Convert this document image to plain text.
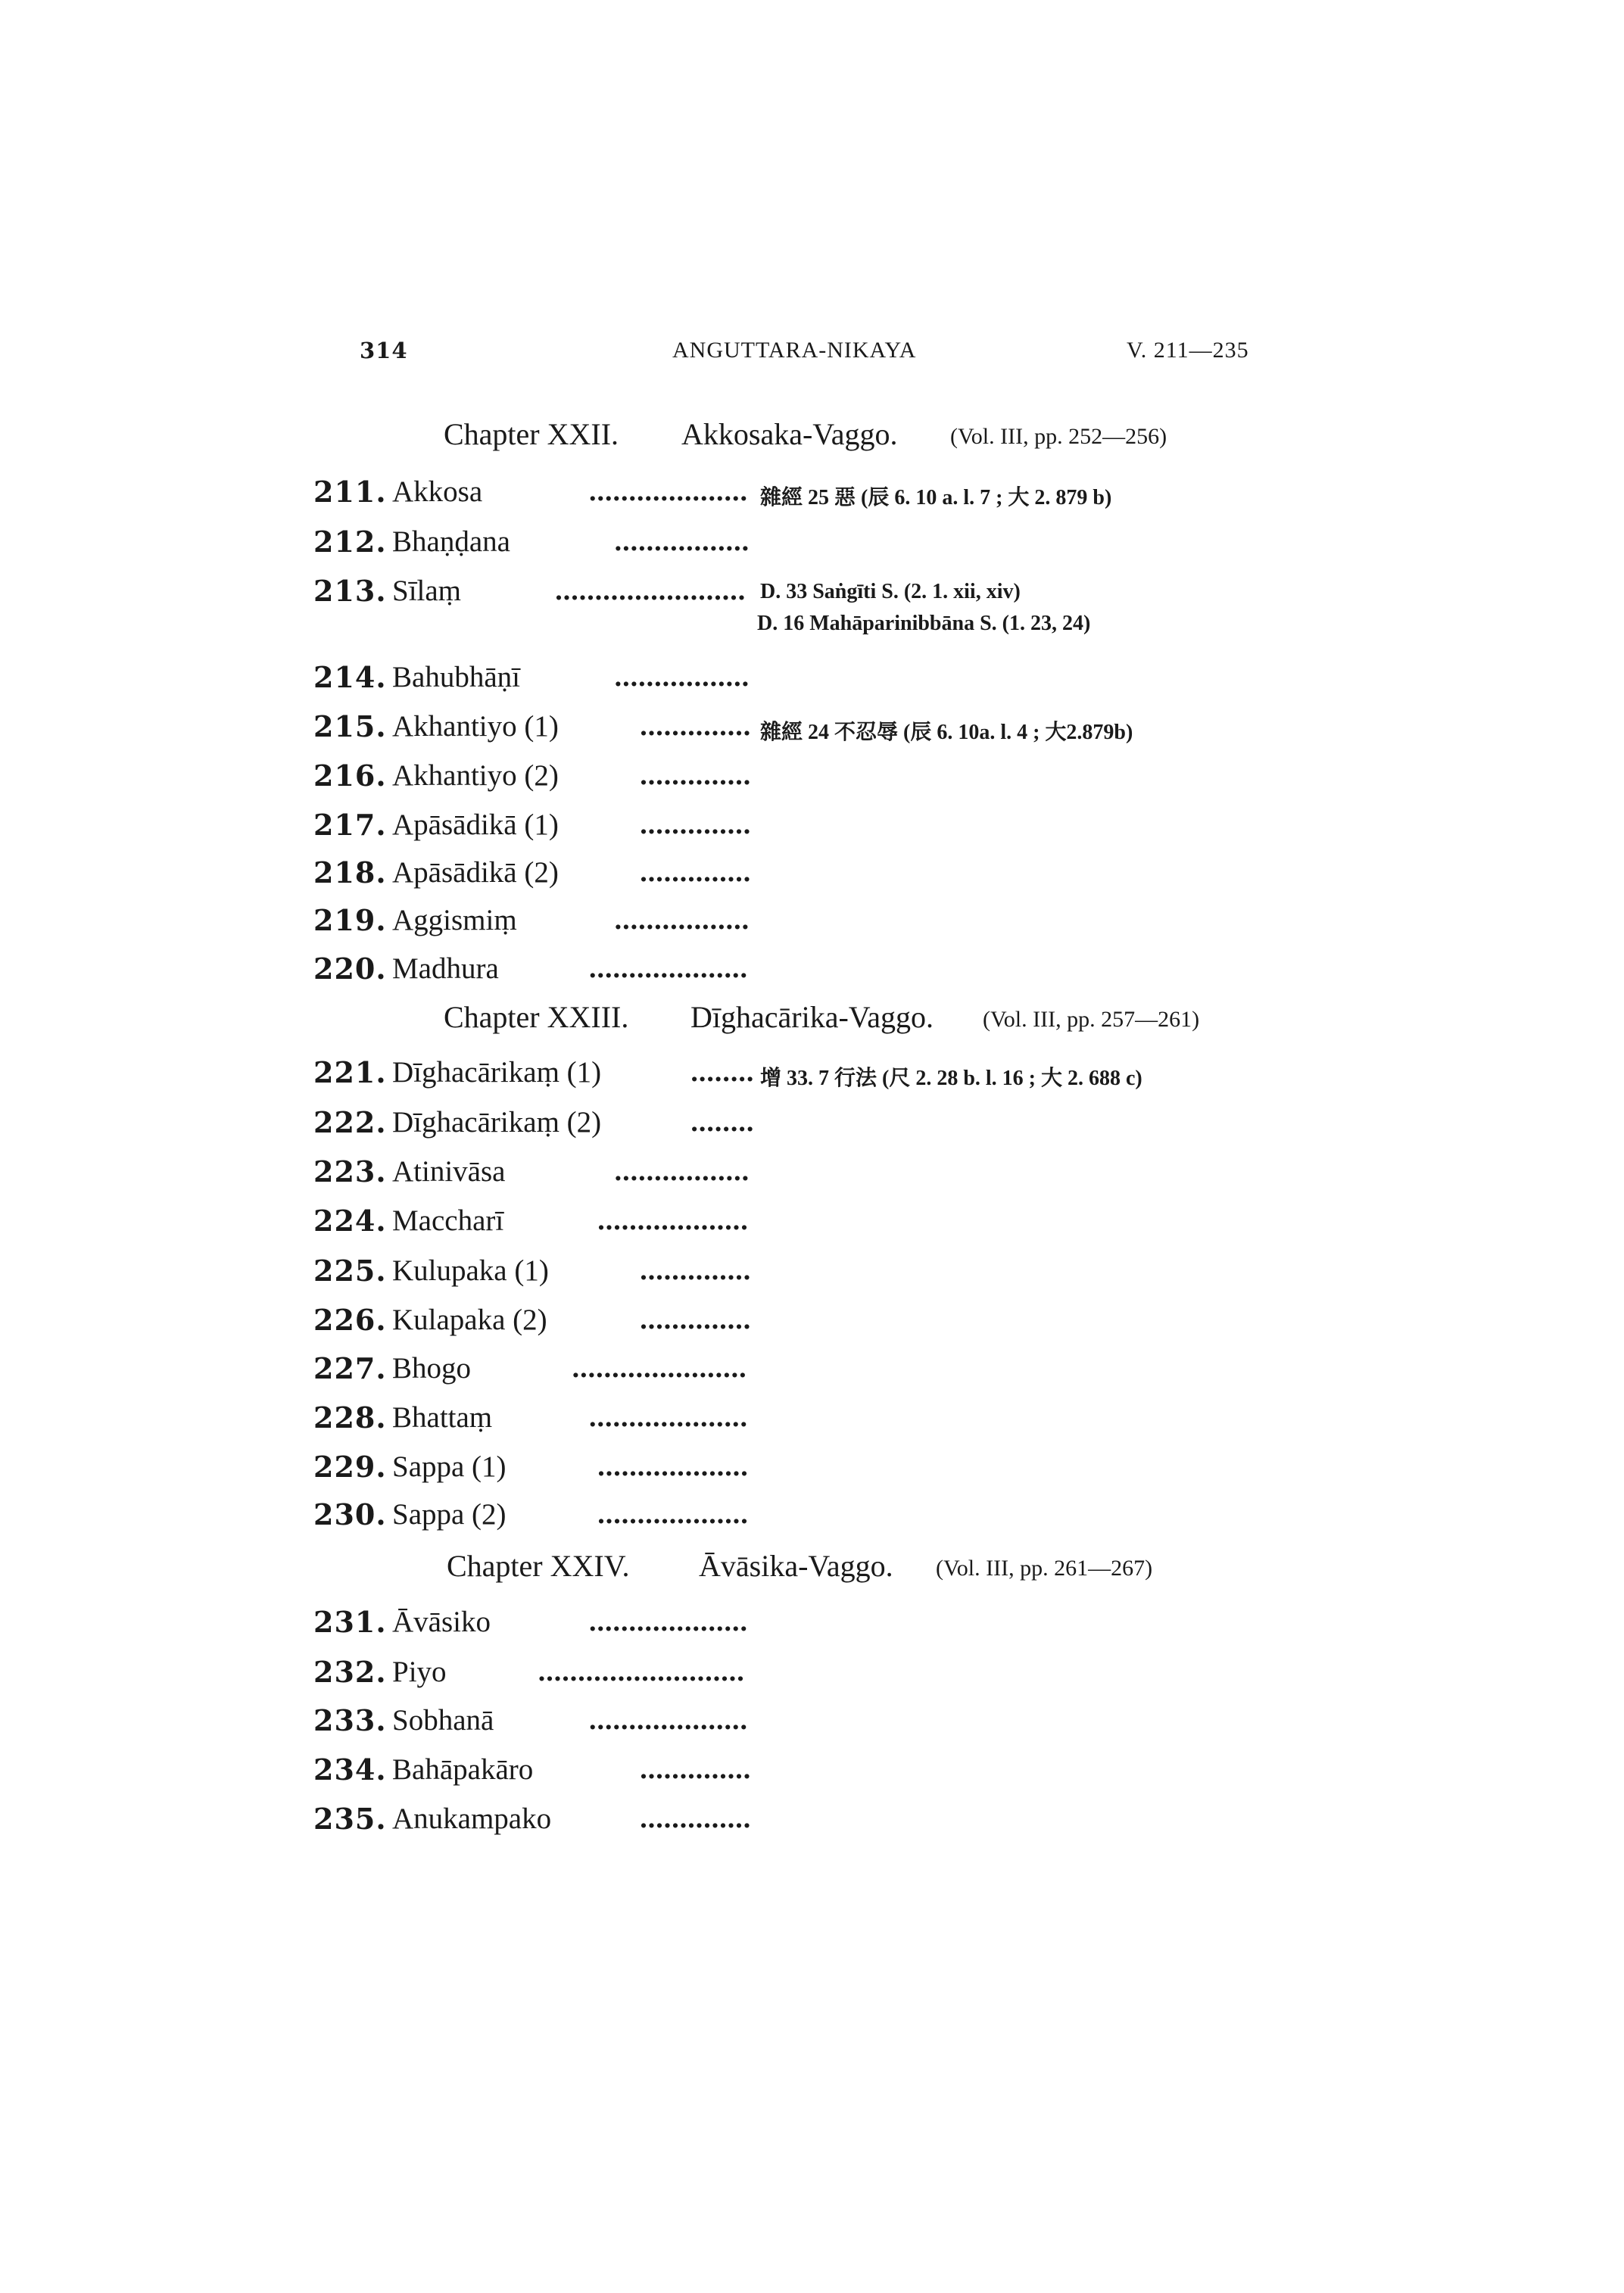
314	ANGUTTARA-NIKAYA	V. 211—235
Chapter XXII. Akkosaka-Vaggo. (Vol. III, pp. 252—256)
211. Akkosa	.................... 雜經 25 惡 (辰 6. 10 a. l. 7 ; 大 2. 879 b)
212. Bhaṇḍana	.................
213. Sīlaṃ	........................ D. 33 Saṅgīti S. (2. 1. xii, xiv)
D. 16 Mahāparinibbāna S. (1. 23, 24)
214. Bahubhāṇī	.................
215. Akhantiyo (1)	.............. 雜經 24 不忍辱 (辰 6. 10a. l. 4 ; 大2.879b)
216. Akhantiyo (2)	..............
217. Apāsādikā (1)	..............
218. Apāsādikā (2)	..............
219. Aggismiṃ	.................
220. Madhura	....................
Chapter XXIII. Dīghacārika-Vaggo. (Vol. III, pp. 257—261)
221. Dīghacārikaṃ (1)	........ 增 33. 7 行法 (尺 2. 28 b. l. 16 ; 大 2. 688 c)
222. Dīghacārikaṃ (2)	........
223. Atinivāsa	.................
224. Maccharī	...................
225. Kulupaka (1)	..............
226. Kulapaka (2)	..............
227. Bhogo	......................
228. Bhattaṃ	....................
229. Sappa (1)	...................
230. Sappa (2)	...................
Chapter XXIV. Āvāsika-Vaggo. (Vol. III, pp. 261—267)
231. Āvāsiko	....................
232. Piyo	..........................
233. Sobhanā	....................
234. Bahāpakāro	..............
235. Anukampako	..............
